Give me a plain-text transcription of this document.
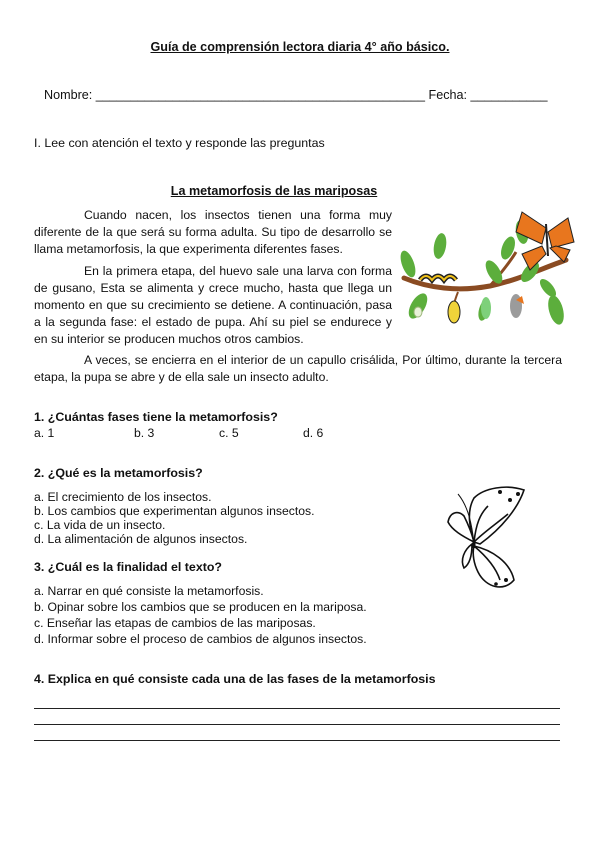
Guía de comprensión lectora diaria 4° año básico.
Nombre: _______________________________________________ Fecha: ___________
I. Lee con atención el texto y responde las preguntas
La metamorfosis de las mariposas

Cuando nacen, los insectos tienen una forma muy diferente de la que será su forma adulta. Su tipo de desarrollo se llama metamorfosis, la que experimenta diferentes fases.

En la primera etapa, del huevo sale una larva con forma de gusano, Esta se alimenta y crece mucho, hasta que llega un momento en que su crecimiento se detiene. A continuación, pasa a la segunda fase: el estado de pupa. Ahí su piel se endurece y en su interior se producen muchos otros cambios.

A veces, se encierra en el interior de un capullo crisálida, Por último, durante la tercera etapa, la pupa se abre y de ella sale un insecto adulto.

1. ¿Cuántas fases tiene la metamorfosis?
a. 1	b. 3	c. 5	d. 6
2. ¿Qué es la metamorfosis?
a. El crecimiento de los insectos.
b. Los cambios que experimentan algunos insectos.
c. La vida de un insecto.
d. La alimentación de algunos insectos.
3. ¿Cuál es la finalidad el texto?
a. Narrar en qué consiste la metamorfosis.
b. Opinar sobre los cambios que se producen en la mariposa.
c. Enseñar las etapas de cambios de las mariposas.
d. Informar sobre el proceso de cambios de algunos insectos.
4. Explica en qué consiste cada una de las fases de la metamorfosis
